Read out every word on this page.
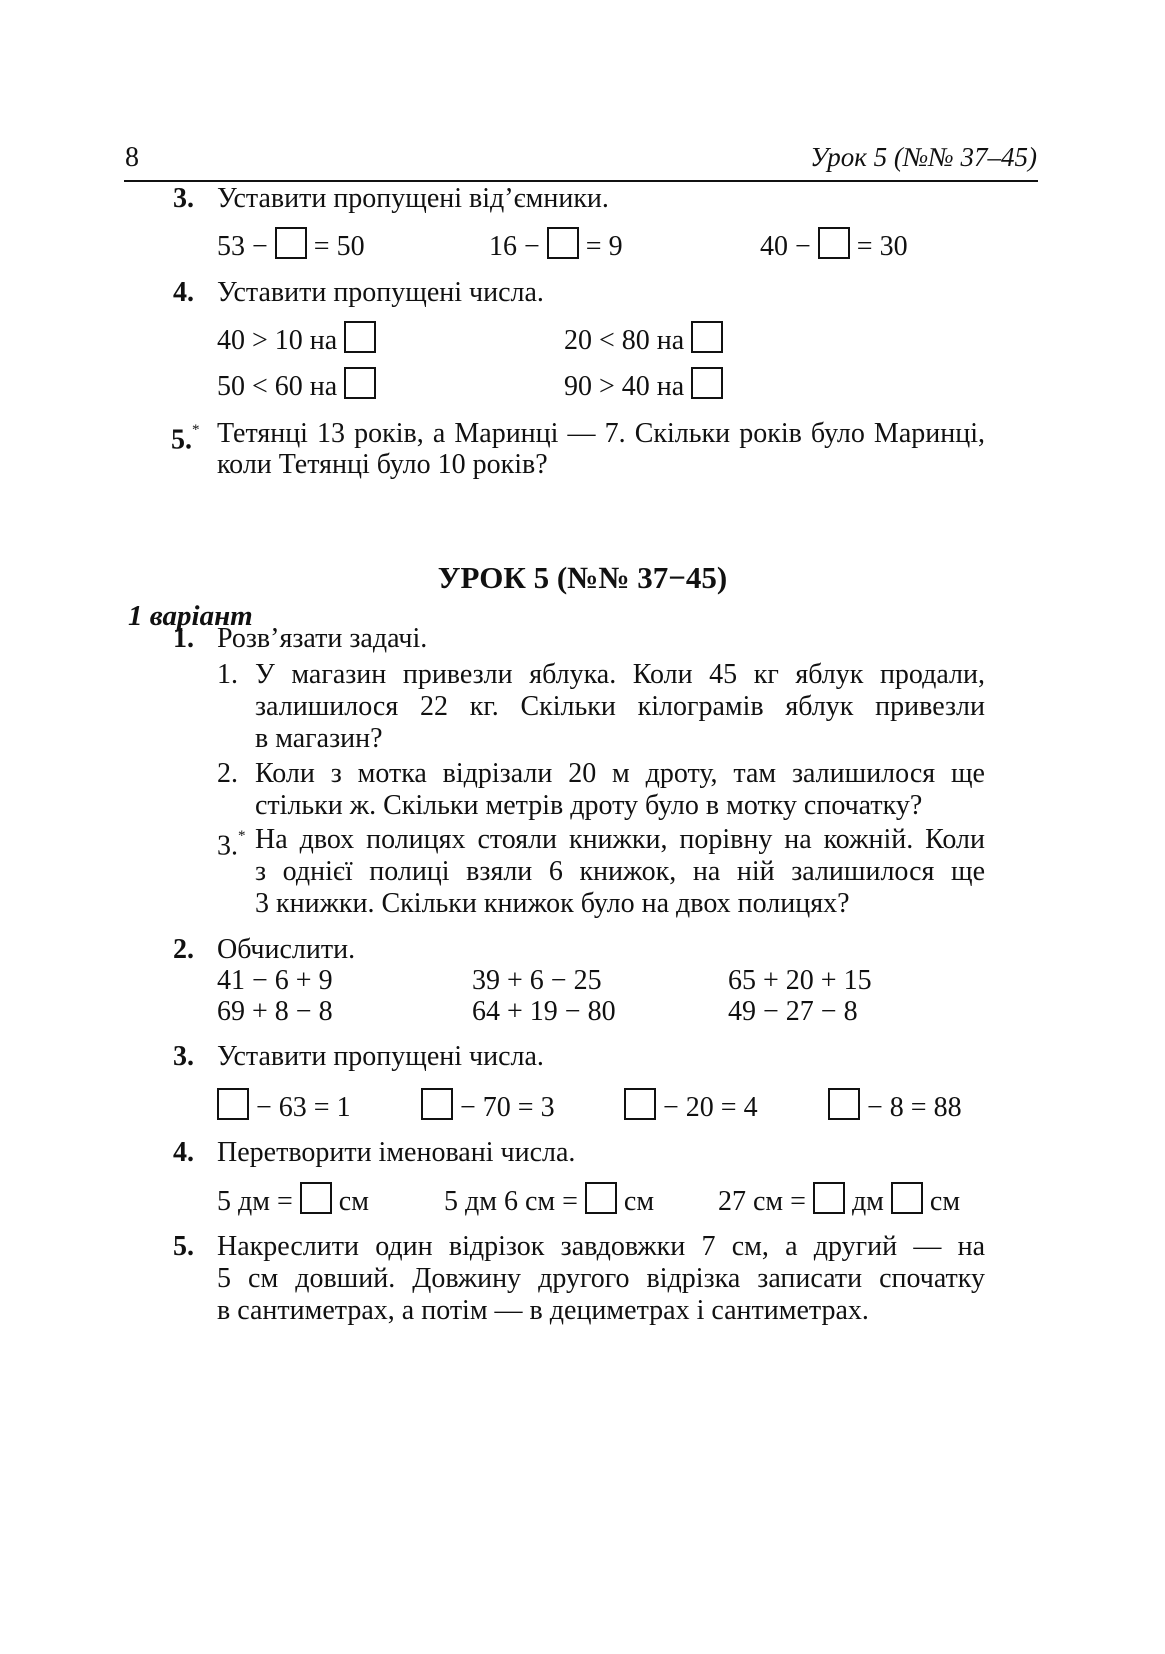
8	Урок 5 (№№ 37–45)
3. Уставити пропущені від’ємники.
53 − = 50	16 − = 9	40 − = 30
4. Уставити пропущені числа.
40 > 10 на	20 < 80 на
50 < 60 на	90 > 40 на
5.* Тетянці 13 років, а Маринці — 7. Скільки років було Маринці,
коли Тетянці було 10 років?
УРОК 5 (№№ 37−45)
1 варіант
1. Розв’язати задачі.
1. У магазин привезли яблука. Коли 45 кг яблук продали,
залишилося 22 кг. Скільки кілограмів яблук привезли
в магазин?
2. Коли з мотка відрізали 20 м дроту, там залишилося ще
стільки ж. Скільки метрів дроту було в мотку спочатку?
3.* На двох полицях стояли книжки, порівну на кожній. Коли
з однієї полиці взяли 6 книжок, на ній залишилося ще
3 книжки. Скільки книжок було на двох полицях?
2. Обчислити.
41 − 6 + 9	39 + 6 − 25	65 + 20 + 15
69 + 8 − 8	64 + 19 − 80	49 − 27 − 8
3. Уставити пропущені числа.
− 63 = 1	− 70 = 3	− 20 = 4	− 8 = 88
4. Перетворити іменовані числа.
5 дм = см	5 дм 6 см = см 27 см = дм см
5. Накреслити один відрізок завдовжки 7 см, а другий — на
5 см довший. Довжину другого відрізка записати спочатку
в сантиметрах, а потім — в дециметрах і сантиметрах.
